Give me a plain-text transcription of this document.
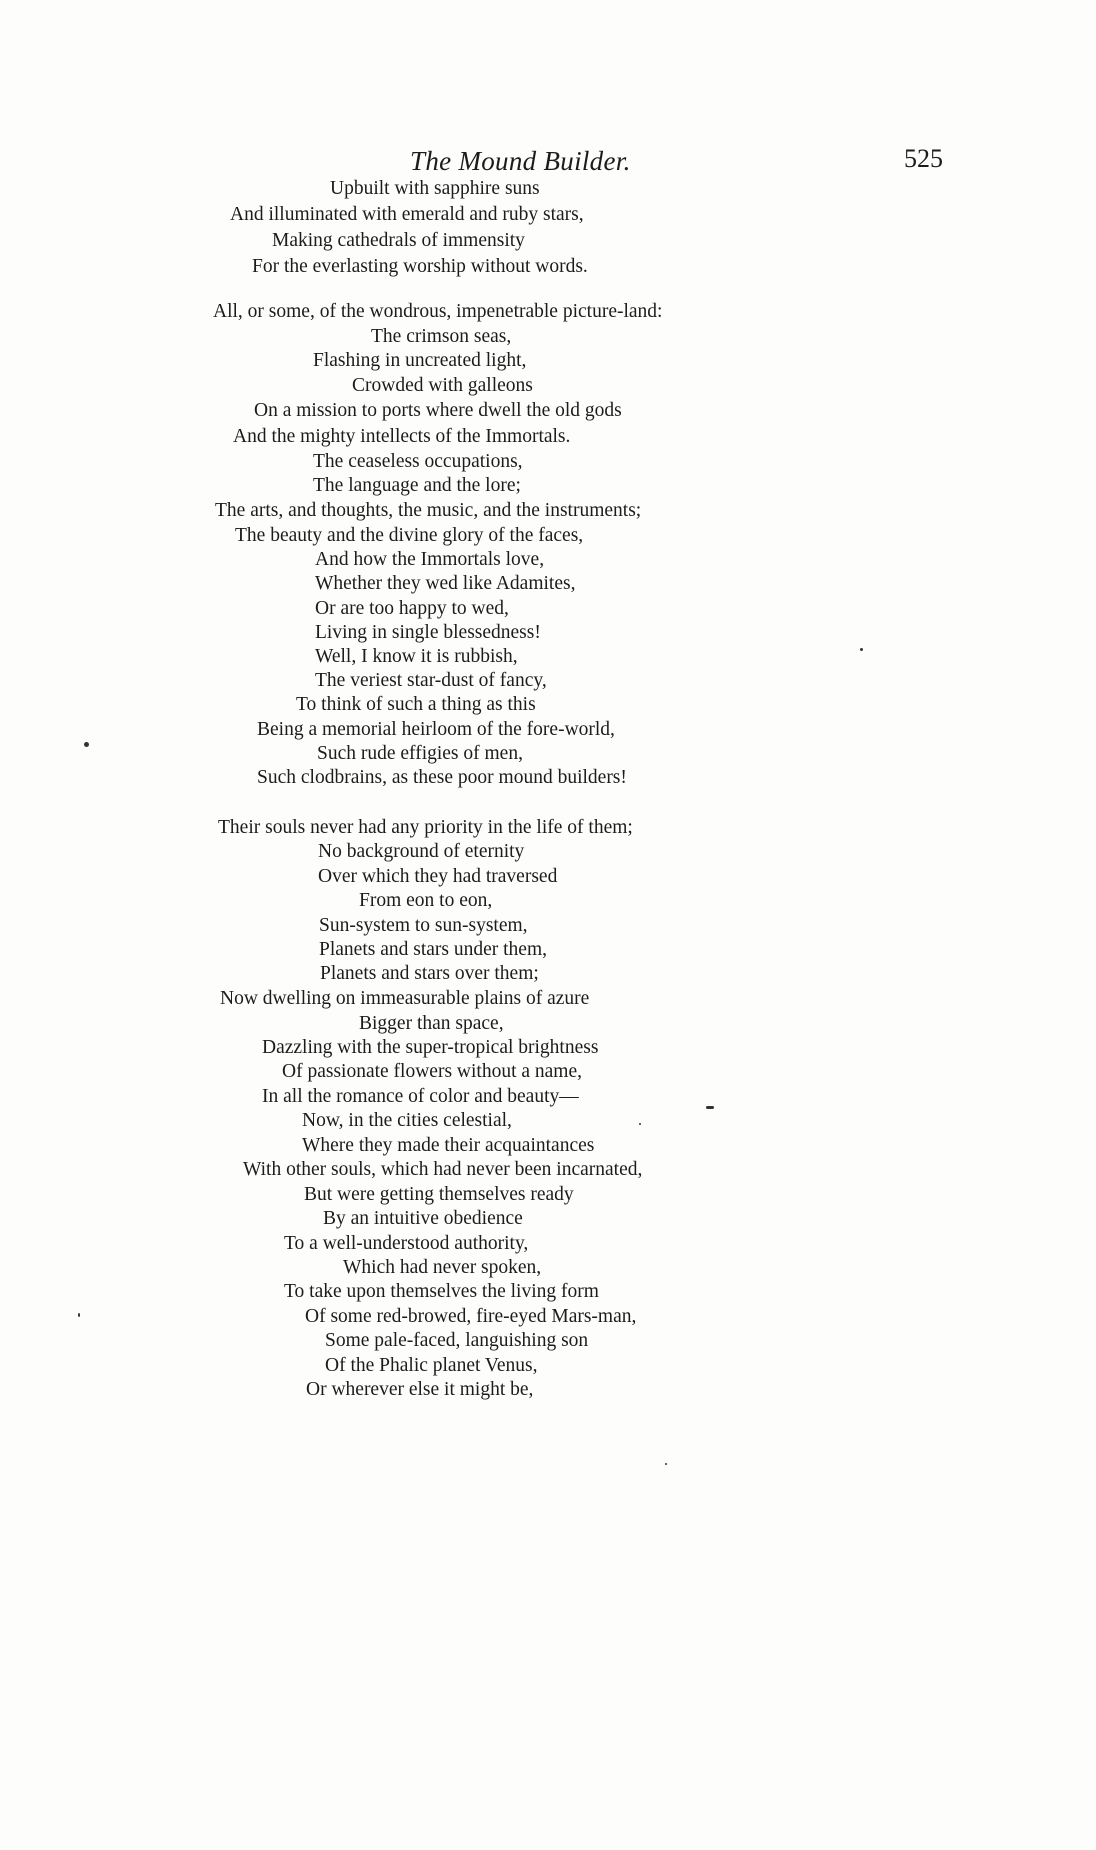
The Mound Builder.	525
Upbuilt with sapphire suns
And illuminated with emerald and ruby stars,
Making cathedrals of immensity
For the everlasting worship without words.
All, or some, of the wondrous, impenetrable picture-land:
The crimson seas,
Flashing in uncreated light,
Crowded with galleons
On a mission to ports where dwell the old gods
And the mighty intellects of the Immortals.
The ceaseless occupations,
The language and the lore;
The arts, and thoughts, the music, and the instruments;
The beauty and the divine glory of the faces,
And how the Immortals love,
Whether they wed like Adamites,
Or are too happy to wed,
Living in single blessedness!
Well, I know it is rubbish,
The veriest star-dust of fancy,
To think of such a thing as this
Being a memorial heirloom of the fore-world,
Such rude effigies of men,
Such clodbrains, as these poor mound builders!
Their souls never had any priority in the life of them;
No background of eternity
Over which they had traversed
From eon to eon,
Sun-system to sun-system,
Planets and stars under them,
Planets and stars over them;
Now dwelling on immeasurable plains of azure
Bigger than space,
Dazzling with the super-tropical brightness
Of passionate flowers without a name,
In all the romance of color and beauty—
Now, in the cities celestial,
Where they made their acquaintances
With other souls, which had never been incarnated,
But were getting themselves ready
By an intuitive obedience
To a well-understood authority,
Which had never spoken,
To take upon themselves the living form
Of some red-browed, fire-eyed Mars-man,
Some pale-faced, languishing son
Of the Phalic planet Venus,
Or wherever else it might be,
